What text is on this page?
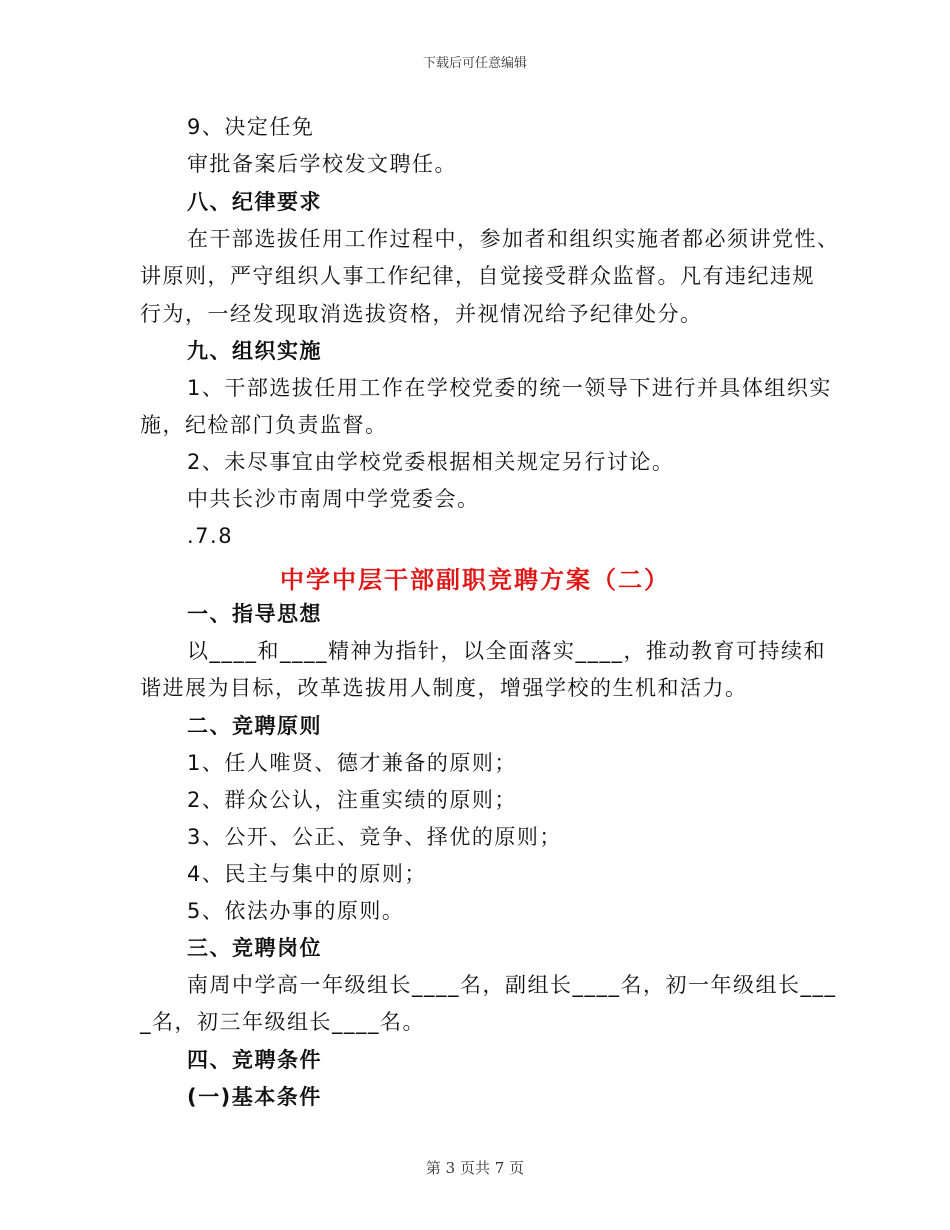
下载后可任意编辑
9、决定任免
审批备案后学校发文聘任。
八、纪律要求
在干部选拔任用工作过程中，参加者和组织实施者都必须讲党性、
讲原则，严守组织人事工作纪律，自觉接受群众监督。凡有违纪违规
行为，一经发现取消选拔资格，并视情况给予纪律处分。
九、组织实施
1、干部选拔任用工作在学校党委的统一领导下进行并具体组织实
施，纪检部门负责监督。
2、未尽事宜由学校党委根据相关规定另行讨论。
中共长沙市南周中学党委会。
.7.8
中学中层干部副职竞聘方案（二）
一、指导思想
以____和____精神为指针，以全面落实____，推动教育可持续和
谐进展为目标，改革选拔用人制度，增强学校的生机和活力。
二、竞聘原则
1、任人唯贤、德才兼备的原则；
2、群众公认，注重实绩的原则；
3、公开、公正、竞争、择优的原则；
4、民主与集中的原则；
5、依法办事的原则。
三、竞聘岗位
南周中学高一年级组长____名，副组长____名，初一年级组长___
_名，初三年级组长____名。
四、竞聘条件
(一)基本条件
第 3 页共 7 页
